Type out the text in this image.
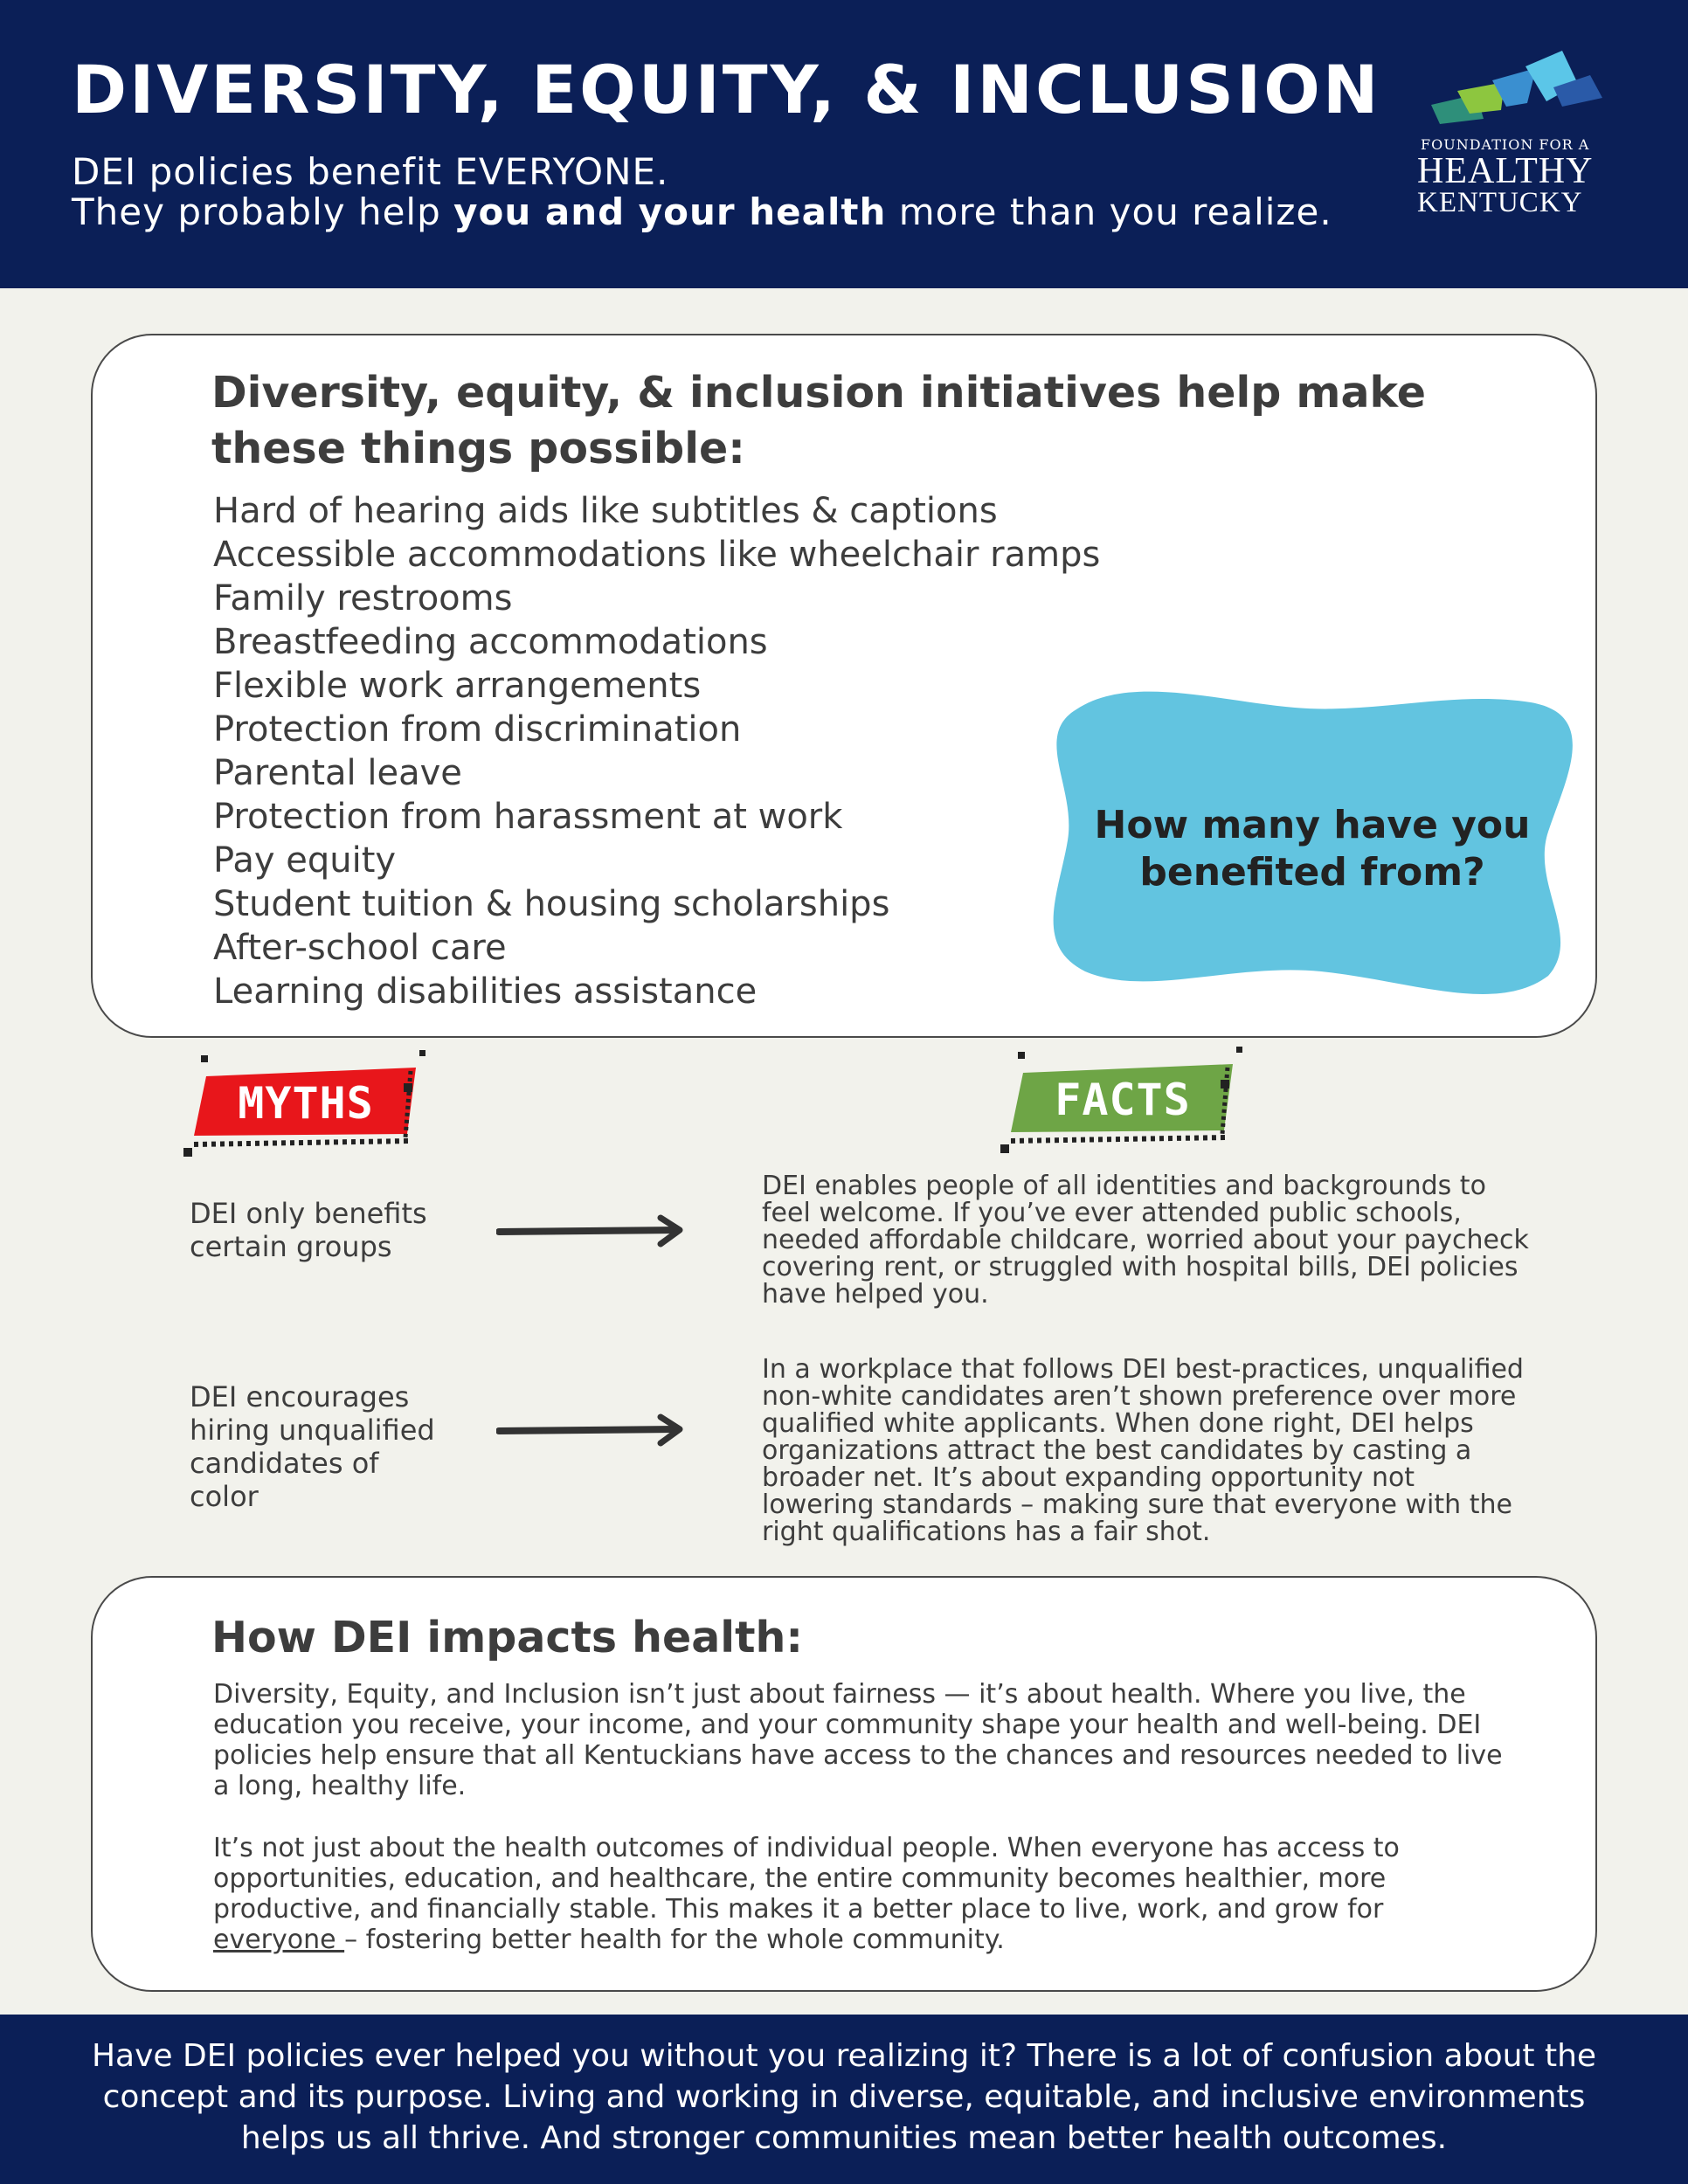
DIVERSITY, EQUITY, & INCLUSION
DEI policies benefit EVERYONE.
They probably help you and your health more than you realize.
FOUNDATION FOR A
HEALTHY
KENTUCKY
Diversity, equity, & inclusion initiatives help make these things possible:
Hard of hearing aids like subtitles & captions
Accessible accommodations like wheelchair ramps
Family restrooms
Breastfeeding accommodations
Flexible work arrangements
Protection from discrimination
Parental leave
Protection from harassment at work
Pay equity
Student tuition & housing scholarships
After-school care
Learning disabilities assistance
How many have you benefited from?
MYTHS	FACTS
DEI only benefits certain groups
DEI enables people of all identities and backgrounds to feel welcome. If you’ve ever attended public schools, needed affordable childcare, worried about your paycheck covering rent, or struggled with hospital bills, DEI policies have helped you.
DEI encourages hiring unqualified candidates of color
In a workplace that follows DEI best-practices, unqualified non-white candidates aren’t shown preference over more qualified white applicants. When done right, DEI helps organizations attract the best candidates by casting a broader net. It’s about expanding opportunity not lowering standards – making sure that everyone with the right qualifications has a fair shot.
How DEI impacts health:
Diversity, Equity, and Inclusion isn’t just about fairness — it’s about health. Where you live, the education you receive, your income, and your community shape your health and well-being. DEI policies help ensure that all Kentuckians have access to the chances and resources needed to live a long, healthy life.
It’s not just about the health outcomes of individual people. When everyone has access to opportunities, education, and healthcare, the entire community becomes healthier, more productive, and financially stable. This makes it a better place to live, work, and grow for everyone – fostering better health for the whole community.
Have DEI policies ever helped you without you realizing it? There is a lot of confusion about the concept and its purpose. Living and working in diverse, equitable, and inclusive environments helps us all thrive. And stronger communities mean better health outcomes.
